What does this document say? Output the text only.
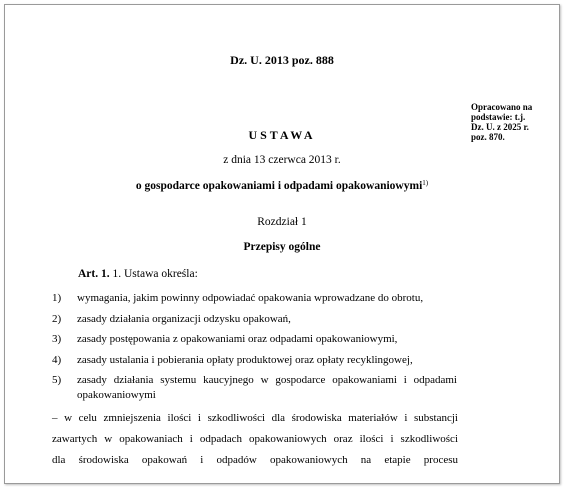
Dz. U. 2013 poz. 888
Opracowano na
podstawie: t.j.
Dz. U. z 2025 r.
poz. 870.
USTAWA
z dnia 13 czerwca 2013 r.
o gospodarce opakowaniami i odpadami opakowaniowymi$^{1)}$
Rozdział 1
Przepisy ogólne
Art. 1. 1. Ustawa określa:
1) wymagania, jakim powinny odpowiadać opakowania wprowadzane do obrotu,
2) zasady działania organizacji odzysku opakowań,
3) zasady postępowania z opakowaniami oraz odpadami opakowaniowymi,
4) zasady ustalania i pobierania opłaty produktowej oraz opłaty recyklingowej,
5) zasady działania systemu kaucyjnego w gospodarce opakowaniami i odpadami
opakowaniowymi
– w celu zmniejszenia ilości i szkodliwości dla środowiska materiałów i substancji
zawartych w opakowaniach i odpadach opakowaniowych oraz ilości i szkodliwości
dla środowiska opakowań i odpadów opakowaniowych na etapie procesu
